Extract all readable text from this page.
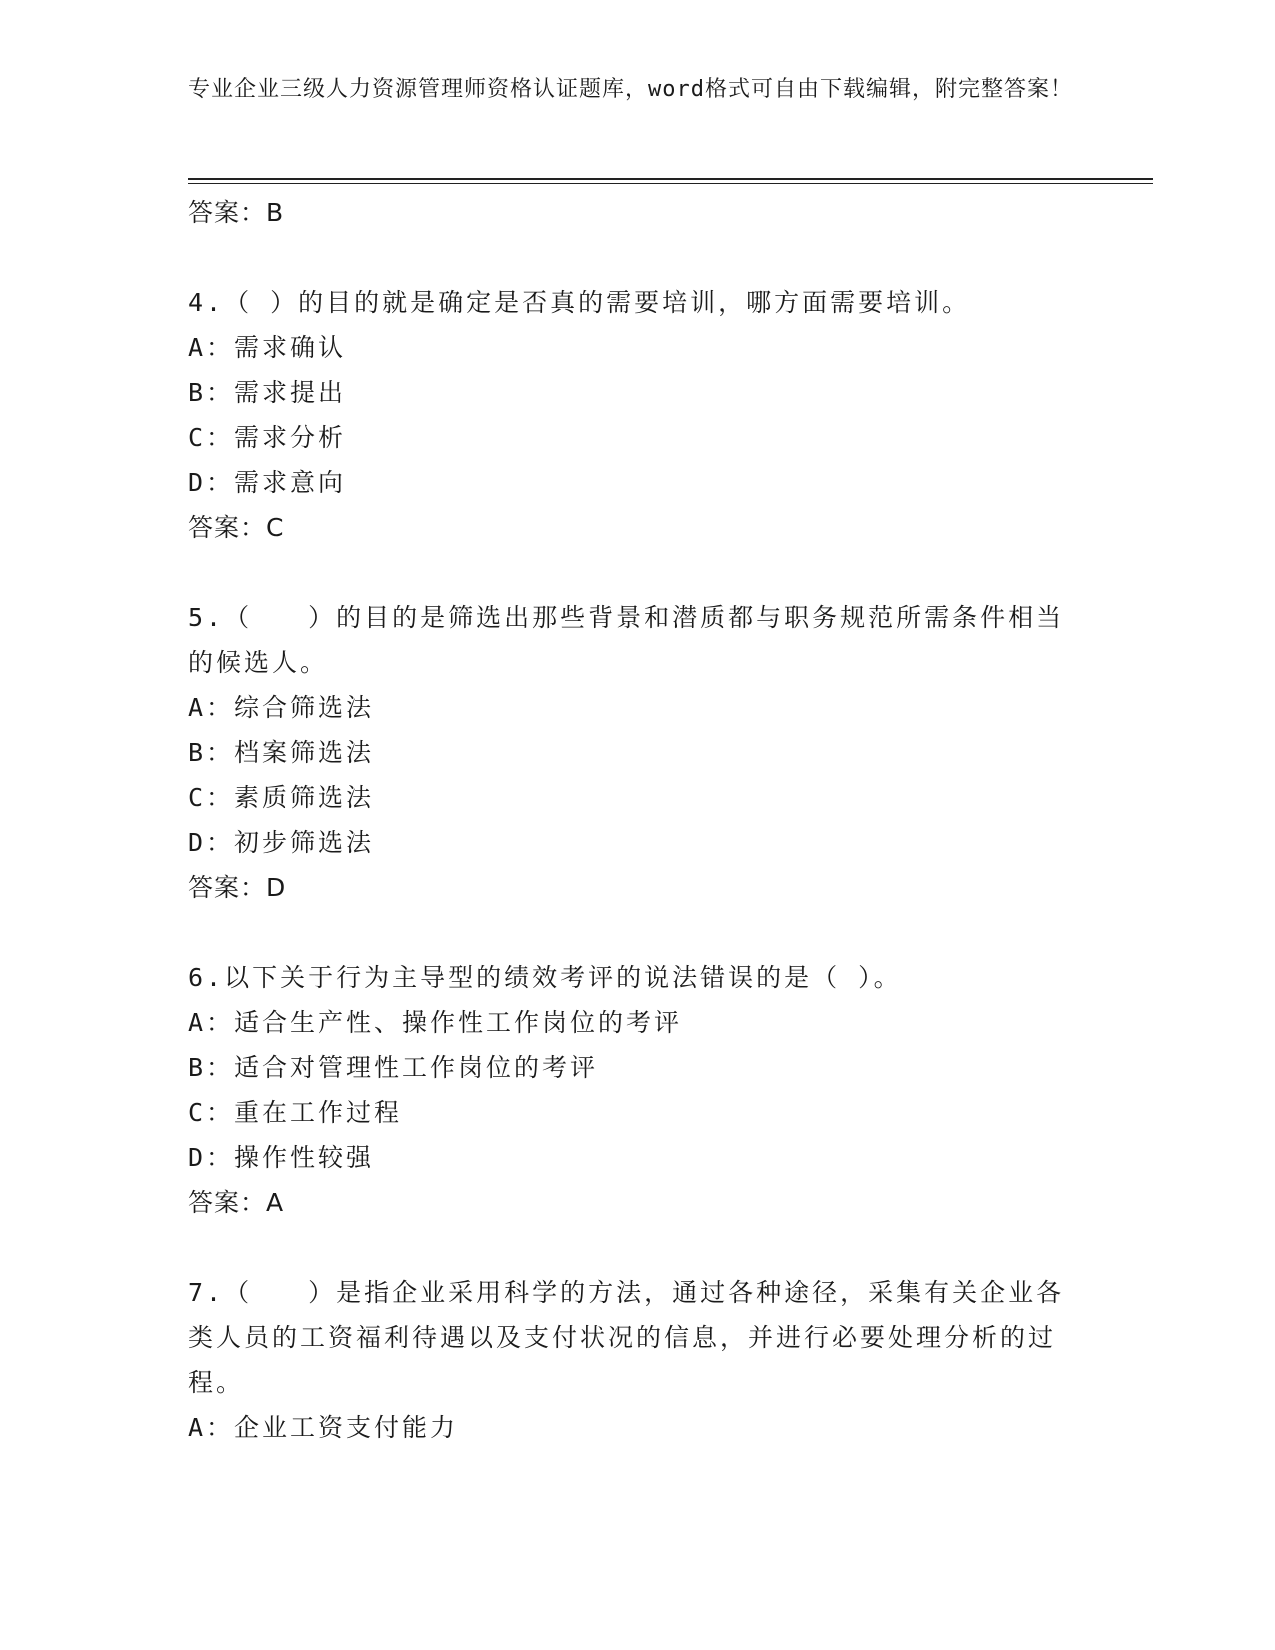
专业企业三级人力资源管理师资格认证题库，word格式可自由下载编辑，附完整答案！
答案：B
4.（ ）的目的就是确定是否真的需要培训，哪方面需要培训。
A：需求确认
B：需求提出
C：需求分析
D：需求意向
答案：C
5.（　　）的目的是筛选出那些背景和潜质都与职务规范所需条件相当的候选人。
A：综合筛选法
B：档案筛选法
C：素质筛选法
D：初步筛选法
答案：D
6.以下关于行为主导型的绩效考评的说法错误的是（ ）。
A：适合生产性、操作性工作岗位的考评
B：适合对管理性工作岗位的考评
C：重在工作过程
D：操作性较强
答案：A
7.（　　）是指企业采用科学的方法，通过各种途径，采集有关企业各类人员的工资福利待遇以及支付状况的信息，并进行必要处理分析的过程。
A：企业工资支付能力
